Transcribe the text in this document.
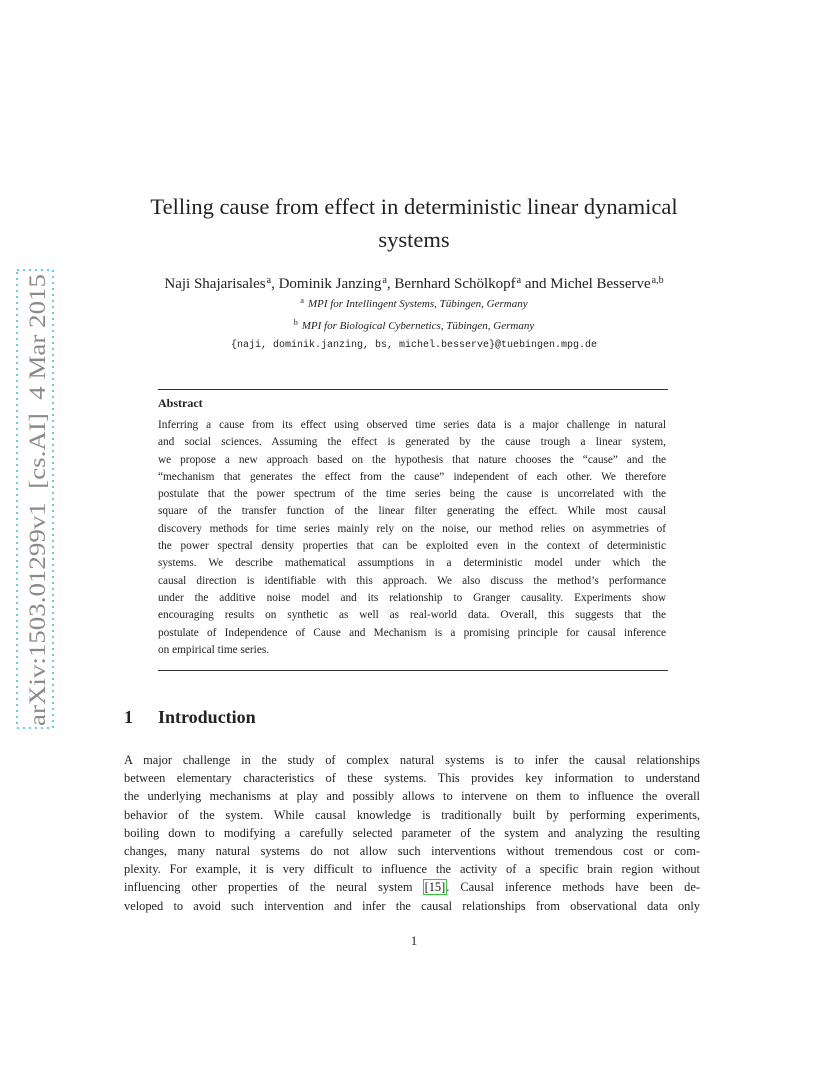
arXiv:1503.01299v1  [cs.AI]  4 Mar 2015
Telling cause from effect in deterministic linear dynamical
systems
Naji Shajarisales$^a$, Dominik Janzing$^a$, Bernhard Schölkopf$^a$ and Michel Besserve$^{a,b}$
$^a$ MPI for Intellingent Systems, Tübingen, Germany
$^b$ MPI for Biological Cybernetics, Tübingen, Germany
{naji, dominik.janzing, bs, michel.besserve}@tuebingen.mpg.de
Abstract
Inferring a cause from its effect using observed time series data is a major challenge in natural
and social sciences. Assuming the effect is generated by the cause trough a linear system,
we propose a new approach based on the hypothesis that nature chooses the “cause” and the
“mechanism that generates the effect from the cause” independent of each other. We therefore
postulate that the power spectrum of the time series being the cause is uncorrelated with the
square of the transfer function of the linear filter generating the effect. While most causal
discovery methods for time series mainly rely on the noise, our method relies on asymmetries of
the power spectral density properties that can be exploited even in the context of deterministic
systems. We describe mathematical assumptions in a deterministic model under which the
causal direction is identifiable with this approach. We also discuss the method’s performance
under the additive noise model and its relationship to Granger causality. Experiments show
encouraging results on synthetic as well as real-world data. Overall, this suggests that the
postulate of Independence of Cause and Mechanism is a promising principle for causal inference
on empirical time series.
1 Introduction
A major challenge in the study of complex natural systems is to infer the causal relationships
between elementary characteristics of these systems. This provides key information to understand
the underlying mechanisms at play and possibly allows to intervene on them to influence the overall
behavior of the system. While causal knowledge is traditionally built by performing experiments,
boiling down to modifying a carefully selected parameter of the system and analyzing the resulting
changes, many natural systems do not allow such interventions without tremendous cost or com-
plexity. For example, it is very difficult to influence the activity of a specific brain region without
influencing other properties of the neural system [15]. Causal inference methods have been de-
veloped to avoid such intervention and infer the causal relationships from observational data only
1
